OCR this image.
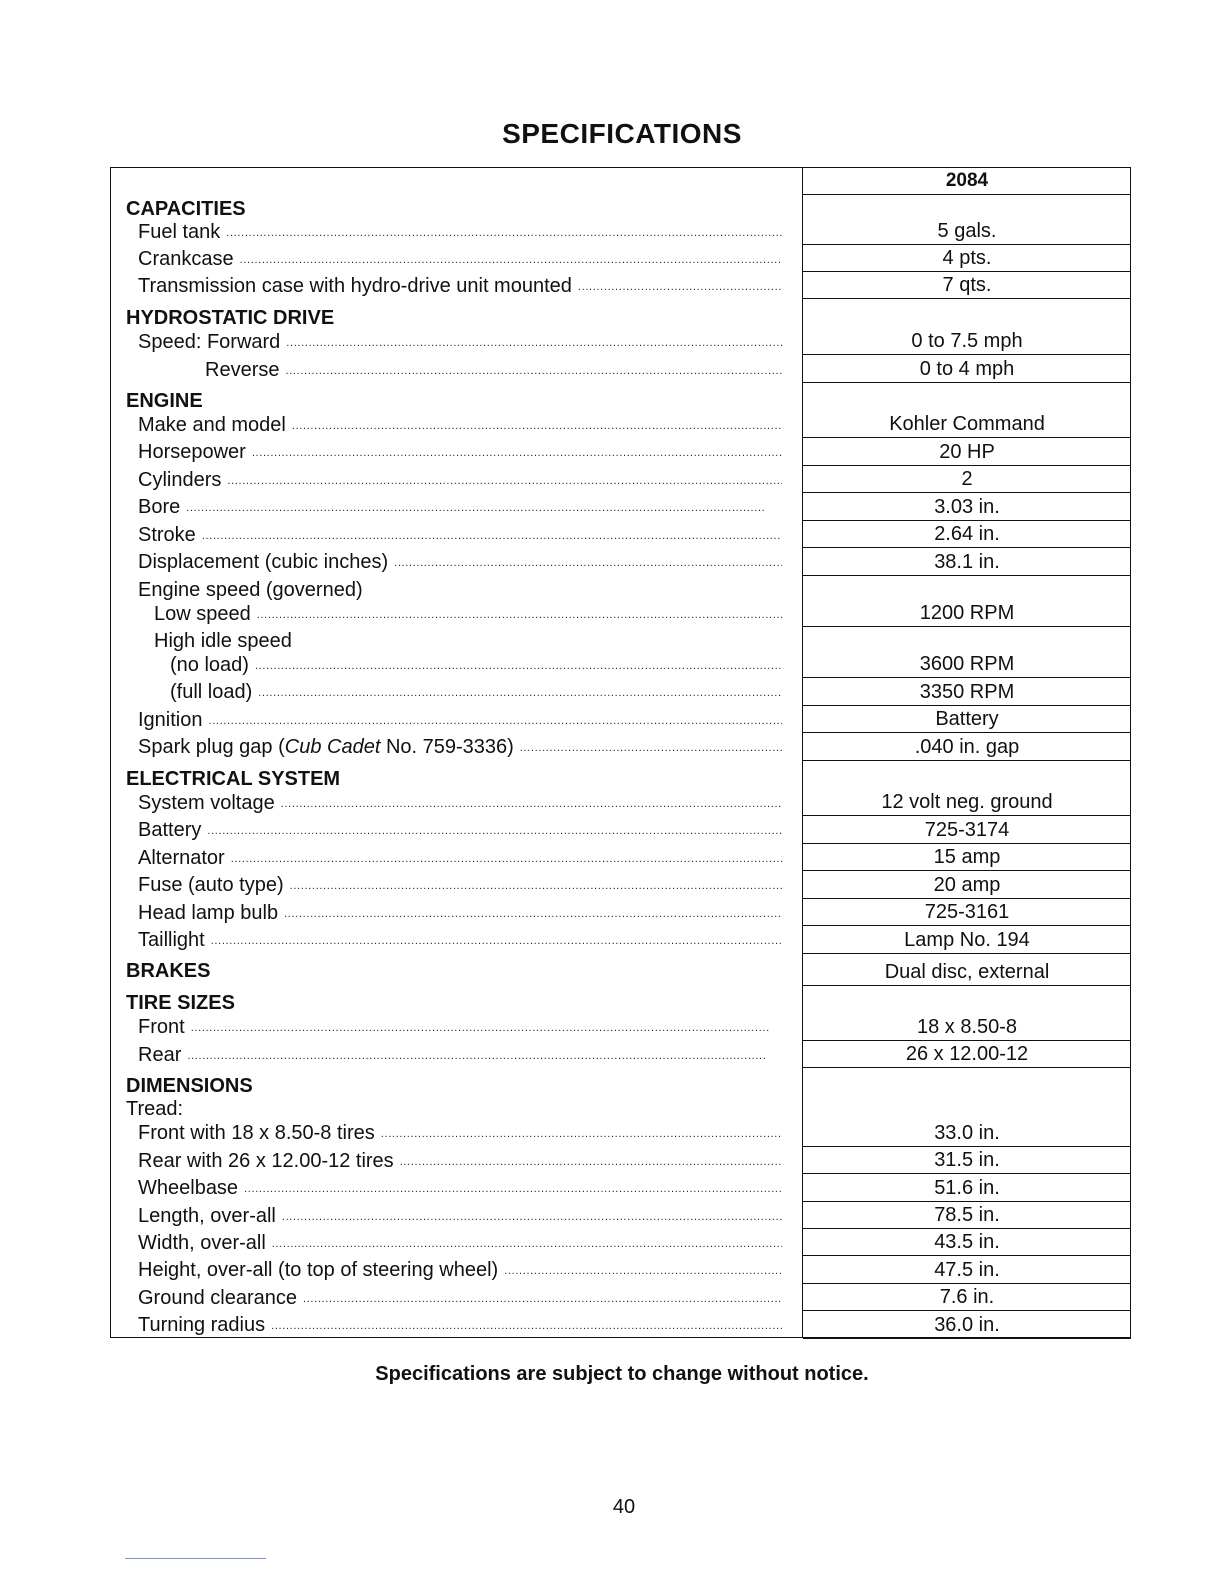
SPECIFICATIONS
2084
CAPACITIES
Fuel tank . . .	5 gals.
Crankcase . . .	4 pts.
Transmission case with hydro-drive unit mounted . . .	7 qts.
HYDROSTATIC DRIVE
Speed: Forward . . .	0 to 7.5 mph
Reverse . . .	0 to 4 mph
ENGINE
Make and model . . .	Kohler Command
Horsepower . . .	20 HP
Cylinders . . .	2
Bore . . .	3.03 in.
Stroke . . .	2.64 in.
Displacement (cubic inches) . . .	38.1 in.
Engine speed (governed)
Low speed . . .	1200 RPM
High idle speed
(no load) . . .	3600 RPM
(full load) . . .	3350 RPM
Ignition . . .	Battery
Spark plug gap (Cub Cadet No. 759-3336) . . .	.040 in. gap
ELECTRICAL SYSTEM
System voltage . . .	12 volt neg. ground
Battery . . .	725-3174
Alternator . . .	15 amp
Fuse (auto type) . . .	20 amp
Head lamp bulb . . .	725-3161
Taillight . . .	Lamp No. 194
BRAKES	Dual disc, external
TIRE SIZES
Front . . .	18 x 8.50-8
Rear . . .	26 x 12.00-12
DIMENSIONS
Tread:
Front with 18 x 8.50-8 tires . . .	33.0 in.
Rear with 26 x 12.00-12 tires . . .	31.5 in.
Wheelbase . . .	51.6 in.
Length, over-all . . .	78.5 in.
Width, over-all . . .	43.5 in.
Height, over-all (to top of steering wheel) . . .	47.5 in.
Ground clearance . . .	7.6 in.
Turning radius . . .	36.0 in.
Specifications are subject to change without notice.
40
